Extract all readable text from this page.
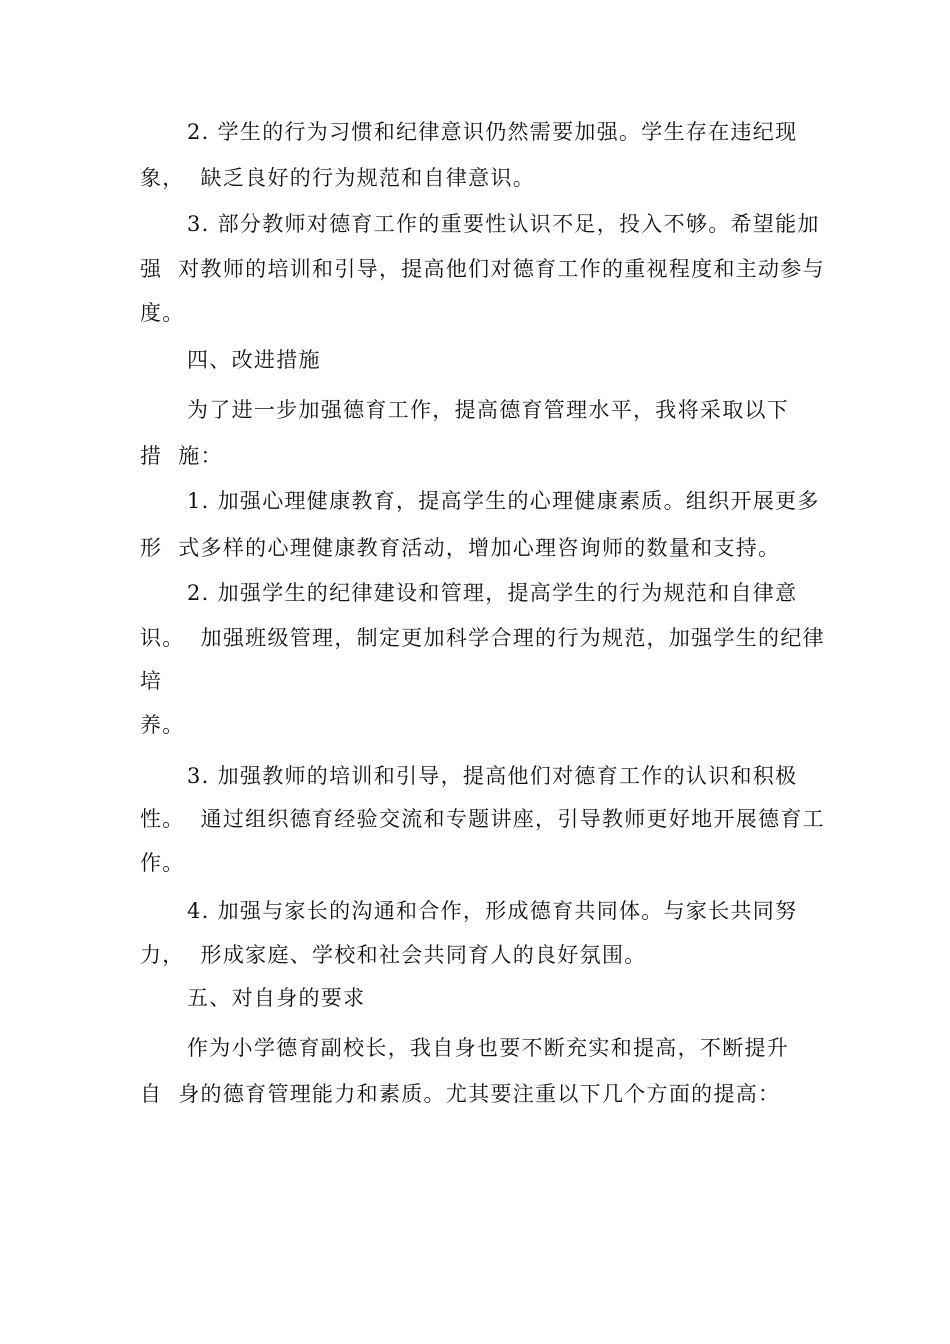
2. 学生的行为习惯和纪律意识仍然需要加强。学生存在违纪现
象，  缺乏良好的行为规范和自律意识。
3. 部分教师对德育工作的重要性认识不足，投入不够。希望能加
强  对教师的培训和引导，提高他们对德育工作的重视程度和主动参与
度。
四、改进措施
为了进一步加强德育工作，提高德育管理水平，我将采取以下
措  施：
1. 加强心理健康教育，提高学生的心理健康素质。组织开展更多
形  式多样的心理健康教育活动，增加心理咨询师的数量和支持。
2. 加强学生的纪律建设和管理，提高学生的行为规范和自律意
识。  加强班级管理，制定更加科学合理的行为规范，加强学生的纪律
培
养。
3. 加强教师的培训和引导，提高他们对德育工作的认识和积极
性。  通过组织德育经验交流和专题讲座，引导教师更好地开展德育工
作。
4. 加强与家长的沟通和合作，形成德育共同体。与家长共同努
力，  形成家庭、学校和社会共同育人的良好氛围。
五、对自身的要求
作为小学德育副校长，我自身也要不断充实和提高，不断提升
自  身的德育管理能力和素质。尤其要注重以下几个方面的提高：
